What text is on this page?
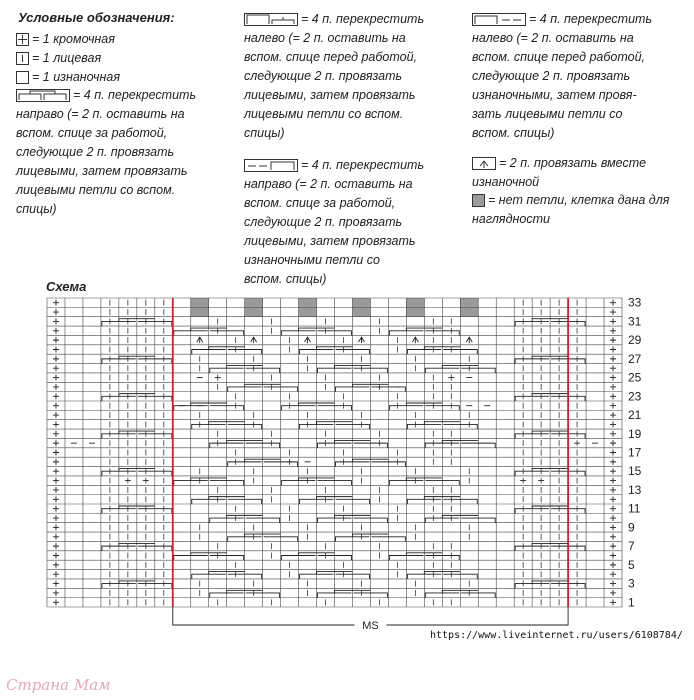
MS
33
31
29
27
25
23
21
19
17
15
13
11
9
7
5
3
1
Условные обозначения:
= 1 кромочная
= 1 лицевая
= 1 изнаночная
= 4 п. перекрестить
направо (= 2 п. оставить на
вспом. спице за работой,
следующие 2 п. провязать
лицевыми, затем провязать
лицевыми петли со вспом.
спицы)
= 4 п. перекрестить
налево (= 2 п. оставить на
вспом. спице перед работой,
следующие 2 п. провязать
лицевыми, затем провязать
лицевыми петли со вспом.
спицы)
= 4 п. перекрестить
направо (= 2 п. оставить на
вспом. спице за работой,
следующие 2 п. провязать
лицевыми, затем провязать
изнаночными петли со
вспом. спицы)
= 4 п. перекрестить
налево (= 2 п. оставить на
вспом. спице перед работой,
следующие 2 п. провязать
изнаночными, затем провя-
зать лицевыми петли со
вспом. спицы)
= 2 п. провязать вместе
изнаночной
= нет петли, клетка дана для
наглядности
Схема
https://www.liveinternet.ru/users/6108784/
Страна Мам
